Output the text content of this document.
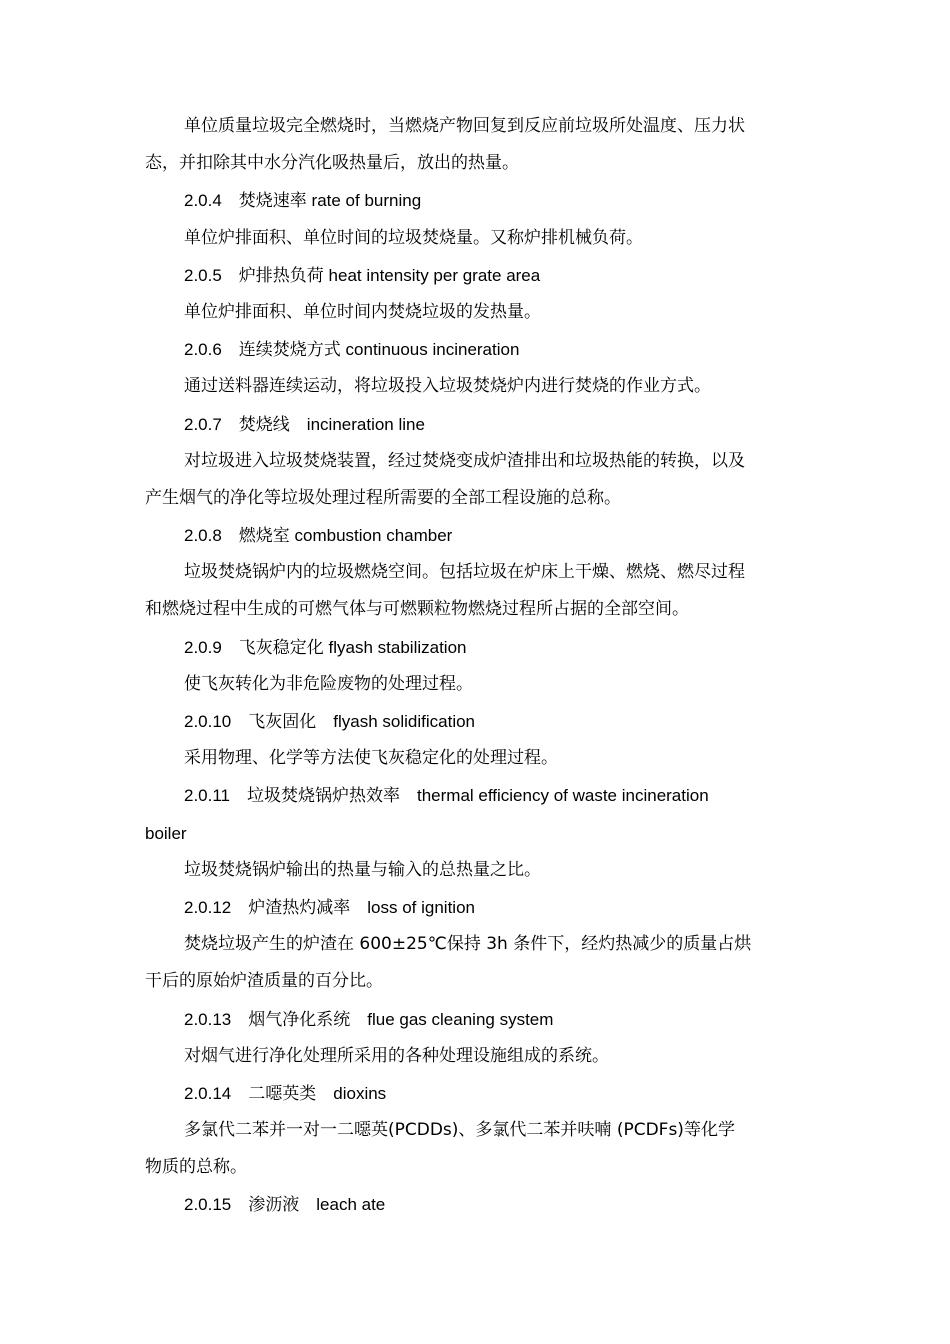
单位质量垃圾完全燃烧时，当燃烧产物回复到反应前垃圾所处温度、压力状
态，并扣除其中水分汽化吸热量后，放出的热量。
2.0.4　焚烧速率 rate of burning
单位炉排面积、单位时间的垃圾焚烧量。又称炉排机械负荷。
2.0.5　炉排热负荷 heat intensity per grate area
单位炉排面积、单位时间内焚烧垃圾的发热量。
2.0.6　连续焚烧方式 continuous incineration
通过送料器连续运动，将垃圾投入垃圾焚烧炉内进行焚烧的作业方式。
2.0.7　焚烧线　incineration line
对垃圾进入垃圾焚烧装置，经过焚烧变成炉渣排出和垃圾热能的转换，以及
产生烟气的净化等垃圾处理过程所需要的全部工程设施的总称。
2.0.8　燃烧室 combustion chamber
垃圾焚烧锅炉内的垃圾燃烧空间。包括垃圾在炉床上干燥、燃烧、燃尽过程
和燃烧过程中生成的可燃气体与可燃颗粒物燃烧过程所占据的全部空间。
2.0.9　飞灰稳定化 flyash stabilization
使飞灰转化为非危险废物的处理过程。
2.0.10　飞灰固化　flyash solidification
采用物理、化学等方法使飞灰稳定化的处理过程。
2.0.11　垃圾焚烧锅炉热效率　thermal efficiency of waste incineration
boiler
垃圾焚烧锅炉输出的热量与输入的总热量之比。
2.0.12　炉渣热灼减率　loss of ignition
焚烧垃圾产生的炉渣在 600±25℃保持 3h 条件下，经灼热减少的质量占烘
干后的原始炉渣质量的百分比。
2.0.13　烟气净化系统　flue gas cleaning system
对烟气进行净化处理所采用的各种处理设施组成的系统。
2.0.14　二噁英类　dioxins
多氯代二苯并一对一二噁英(PCDDs)、多氯代二苯并呋喃 (PCDFs)等化学
物质的总称。
2.0.15　渗沥液　leach ate
